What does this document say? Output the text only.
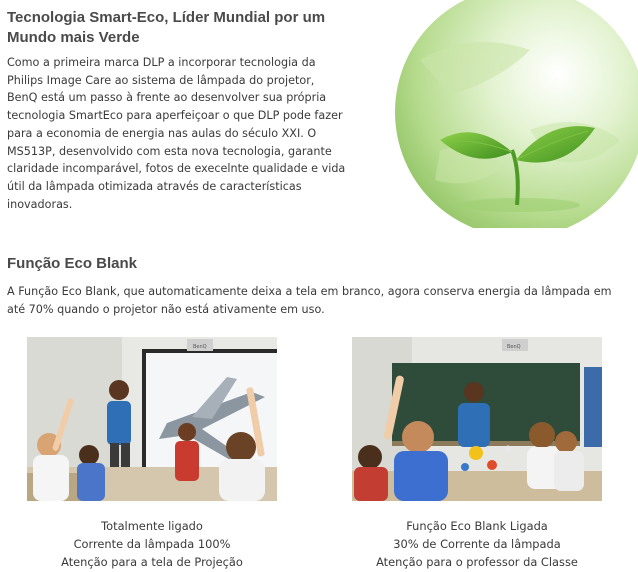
Tecnologia Smart-Eco, Líder Mundial por um Mundo mais Verde

Como a primeira marca DLP a incorporar tecnologia da Philips Image Care ao sistema de lâmpada do projetor, BenQ está um passo à frente ao desenvolver sua própria tecnologia SmartEco para aperfeiçoar o que DLP pode fazer para a economia de energia nas aulas do século XXI. O MS513P, desenvolvido com esta nova tecnologia, garante claridade incomparável, fotos de execelnte qualidade e vida útil da lâmpada otimizada através de características inovadoras.

Função Eco Blank

A Função Eco Blank, que automaticamente deixa a tela em branco, agora conserva energia da lâmpada em até 70% quando o projetor não está ativamente em uso.

BenQ	BenQ
Totalmente ligado
Corrente da lâmpada 100%
Atenção para a tela de Projeção
Função Eco Blank Ligada
30% de Corrente da lâmpada
Atenção para o professor da Classe
